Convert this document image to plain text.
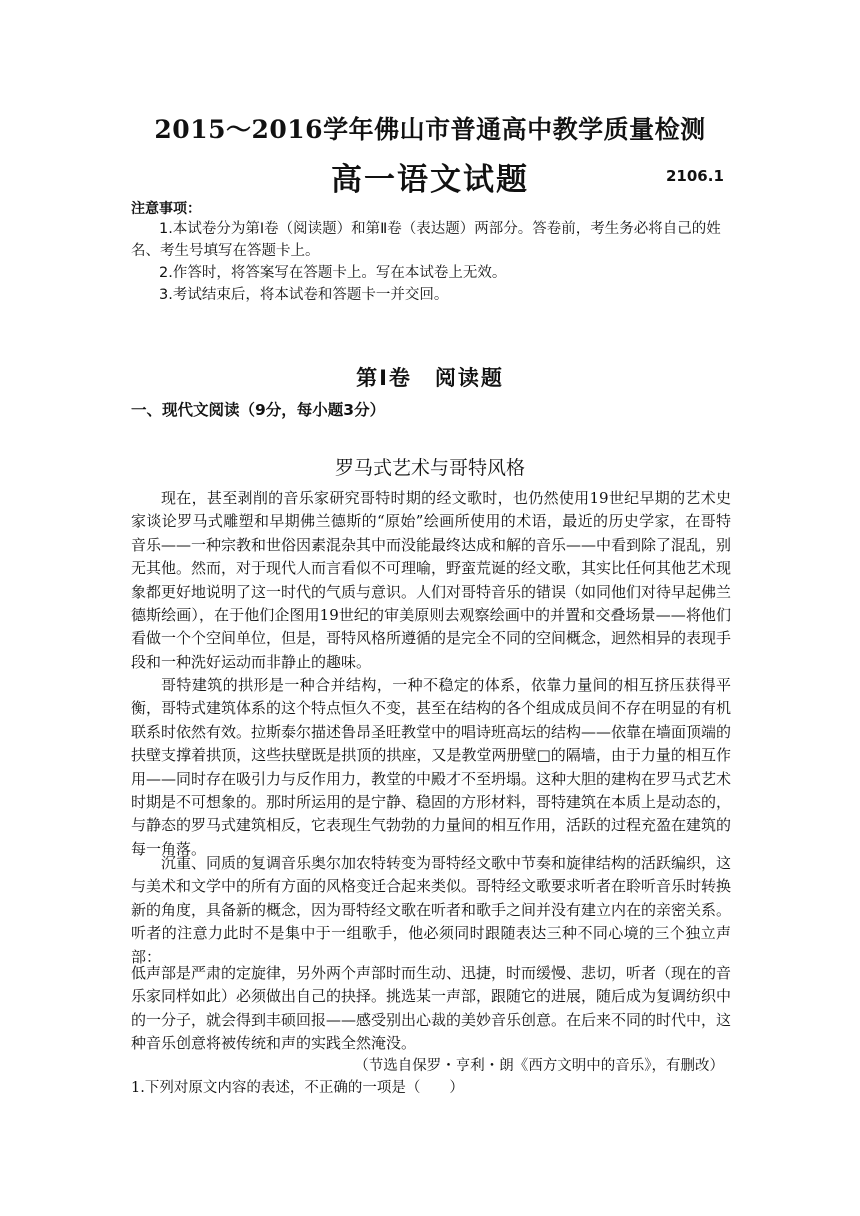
2015～2016学年佛山市普通高中教学质量检测
高一语文试题	2106.1
注意事项：
1.本试卷分为第Ⅰ卷（阅读题）和第Ⅱ卷（表达题）两部分。答卷前，考生务必将自己的姓名、考生号填写在答题卡上。
2.作答时，将答案写在答题卡上。写在本试卷上无效。
3.考试结束后，将本试卷和答题卡一并交回。
第Ⅰ卷　阅读题
一、现代文阅读（9分，每小题3分）
罗马式艺术与哥特风格

现在，甚至剥削的音乐家研究哥特时期的经文歌时，也仍然使用19世纪早期的艺术史家谈论罗马式雕塑和早期佛兰德斯的“原始”绘画所使用的术语，最近的历史学家，在哥特音乐——一种宗教和世俗因素混杂其中而没能最终达成和解的音乐——中看到除了混乱，别无其他。然而，对于现代人而言看似不可理喻，野蛮荒诞的经文歌，其实比任何其他艺术现象都更好地说明了这一时代的气质与意识。人们对哥特音乐的错误（如同他们对待早起佛兰德斯绘画），在于他们企图用19世纪的审美原则去观察绘画中的并置和交叠场景——将他们看做一个个空间单位，但是，哥特风格所遵循的是完全不同的空间概念，迥然相异的表现手段和一种洗好运动而非静止的趣味。

哥特建筑的拱形是一种合并结构，一种不稳定的体系，依靠力量间的相互挤压获得平衡，哥特式建筑体系的这个特点恒久不变，甚至在结构的各个组成成员间不存在明显的有机联系时依然有效。拉斯泰尔描述鲁昂圣旺教堂中的唱诗班高坛的结构——依靠在墙面顶端的扶壁支撑着拱顶，这些扶壁既是拱顶的拱座，又是教堂两册壁□的隔墙，由于力量的相互作用——同时存在吸引力与反作用力，教堂的中殿才不至坍塌。这种大胆的建构在罗马式艺术时期是不可想象的。那时所运用的是宁静、稳固的方形材料，哥特建筑在本质上是动态的，与静态的罗马式建筑相反，它表现生气勃勃的力量间的相互作用，活跃的过程充盈在建筑的每一角落。

沉重、同质的复调音乐奥尔加农特转变为哥特经文歌中节奏和旋律结构的活跃编织，这与美术和文学中的所有方面的风格变迁合起来类似。哥特经文歌要求听者在聆听音乐时转换新的角度，具备新的概念，因为哥特经文歌在听者和歌手之间并没有建立内在的亲密关系。听者的注意力此时不是集中于一组歌手，他必须同时跟随表达三种不同心境的三个独立声部：

低声部是严肃的定旋律，另外两个声部时而生动、迅捷，时而缓慢、悲切，听者（现在的音乐家同样如此）必须做出自己的抉择。挑选某一声部，跟随它的进展，随后成为复调纺织中的一分子，就会得到丰硕回报——感受别出心裁的美妙音乐创意。在后来不同的时代中，这种音乐创意将被传统和声的实践全然淹没。

（节选自保罗・亨利・朗《西方文明中的音乐》，有删改）
1.下列对原文内容的表述，不正确的一项是（　　）
